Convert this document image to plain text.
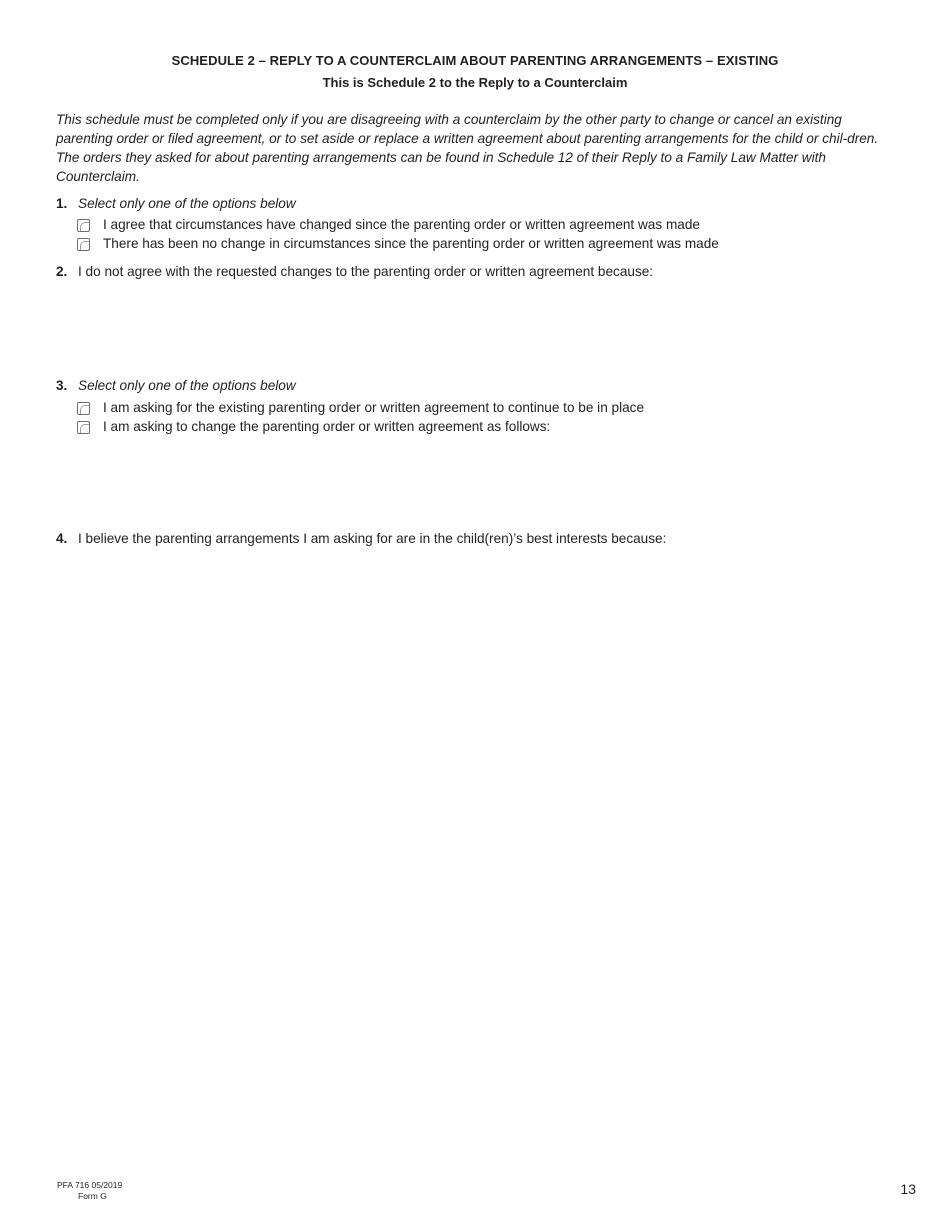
SCHEDULE 2 – REPLY TO A COUNTERCLAIM ABOUT PARENTING ARRANGEMENTS – EXISTING
This is Schedule 2 to the Reply to a Counterclaim

This schedule must be completed only if you are disagreeing with a counterclaim by the other party to change or cancel an existing parenting order or filed agreement, or to set aside or replace a written agreement about parenting arrangements for the child or chil-dren. The orders they asked for about parenting arrangements can be found in Schedule 12 of their Reply to a Family Law Matter with Counterclaim.

1. Select only one of the options below
I agree that circumstances have changed since the parenting order or written agreement was made
There has been no change in circumstances since the parenting order or written agreement was made
2. I do not agree with the requested changes to the parenting order or written agreement because:
3. Select only one of the options below
I am asking for the existing parenting order or written agreement to continue to be in place
I am asking to change the parenting order or written agreement as follows:
4. I believe the parenting arrangements I am asking for are in the child(ren)’s best interests because:
PFA 716 05/2019
Form G	13
